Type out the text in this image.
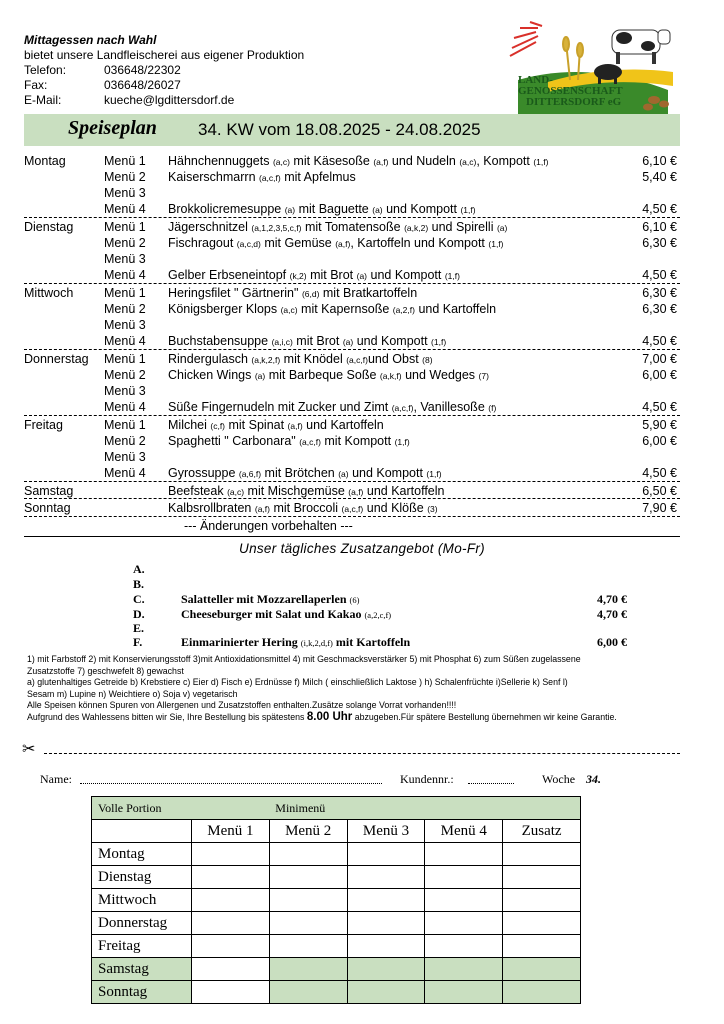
Mittagessen nach Wahl
bietet unsere Landfleischerei aus eigener Produktion
Telefon:	036648/22302
Fax:	036648/26027
E-Mail:	kueche@lgdittersdorf.de
LAND-
GENOSSENSCHAFT
DITTERSDORF eG
Speiseplan 34. KW vom 18.08.2025 - 24.08.2025
Montag	Menü 1 Hähnchennuggets (a,c) mit Käsesoße (a,f) und Nudeln (a,c), Kompott (1,f)	6,10 €
Menü 2 Kaiserschmarrn (a,c,f) mit Apfelmus	5,40 €
Menü 3
Menü 4 Brokkolicremesuppe (a) mit Baguette (a) und Kompott (1,f)	4,50 €
Dienstag Menü 1 Jägerschnitzel (a,1,2,3,5,c,f) mit Tomatensoße (a,k,2) und Spirelli (a)	6,10 €
Menü 2 Fischragout (a,c,d) mit Gemüse (a,f), Kartoffeln und Kompott (1,f)	6,30 €
Menü 3
Menü 4 Gelber Erbseneintopf (k,2) mit Brot (a) und Kompott (1,f)	4,50 €
Mittwoch Menü 1 Heringsfilet " Gärtnerin" (6,d) mit Bratkartoffeln	6,30 €
Menü 2 Königsberger Klops (a,c) mit Kapernsoße (a,2,f) und Kartoffeln	6,30 €
Menü 3
Menü 4 Buchstabensuppe (a,i,c) mit Brot (a) und Kompott (1,f)	4,50 €
Donnerstag Menü 1 Rindergulasch (a,k,2,f) mit Knödel (a,c,f)und Obst (8)	7,00 €
Menü 2 Chicken Wings (a) mit Barbeque Soße (a,k,f) und Wedges (7)	6,00 €
Menü 3
Menü 4 Süße Fingernudeln mit Zucker und Zimt (a,c,f), Vanillesoße (f)	4,50 €
Freitag	Menü 1 Milchei (c,f) mit Spinat (a,f) und Kartoffeln	5,90 €
Menü 2 Spaghetti " Carbonara" (a,c,f) mit Kompott (1,f)	6,00 €
Menü 3
Menü 4 Gyrossuppe (a,6,f) mit Brötchen (a) und Kompott (1,f)	4,50 €
Samstag	Beefsteak (a,c) mit Mischgemüse (a,f) und Kartoffeln	6,50 €
Sonntag	Kalbsrollbraten (a,f) mit Broccoli (a,c,f) und Klöße (3)	7,90 €
--- Änderungen vorbehalten ---
Unser tägliches Zusatzangebot (Mo-Fr)
A.
B.
C.	Salatteller mit Mozzarellaperlen (6)	4,70 €
D.	Cheeseburger mit Salat und Kakao (a,2,c,f)	4,70 €
E.
F.	Einmarinierter Hering (i,k,2,d,f) mit Kartoffeln	6,00 €
1) mit Farbstoff 2) mit Konservierungsstoff 3)mit Antioxidationsmittel 4) mit Geschmacksverstärker 5) mit Phosphat 6) zum Süßen zugelassene
Zusatzstoffe 7) geschwefelt 8) gewachst
a) glutenhaltiges Getreide b) Krebstiere c) Eier d) Fisch e) Erdnüsse f) Milch ( einschließlich Laktose ) h) Schalenfrüchte i)Sellerie k) Senf l)
Sesam m) Lupine n) Weichtiere o) Soja v) vegetarisch
Alle Speisen können Spuren von Allergenen und Zusatzstoffen enthalten.Zusätze solange Vorrat vorhanden!!!!
Aufgrund des Wahlessens bitten wir Sie, Ihre Bestellung bis spätestens 8.00 Uhr abzugeben.Für spätere Bestellung übernehmen wir keine Garantie.
✂
Name:	Kundennr.:	Woche 34.
Volle Portion		Minimenü			
	Menü 1	Menü 2	Menü 3	Menü 4	Zusatz
Montag					
Dienstag					
Mittwoch					
Donnerstag					
Freitag					
Samstag					
Sonntag					
